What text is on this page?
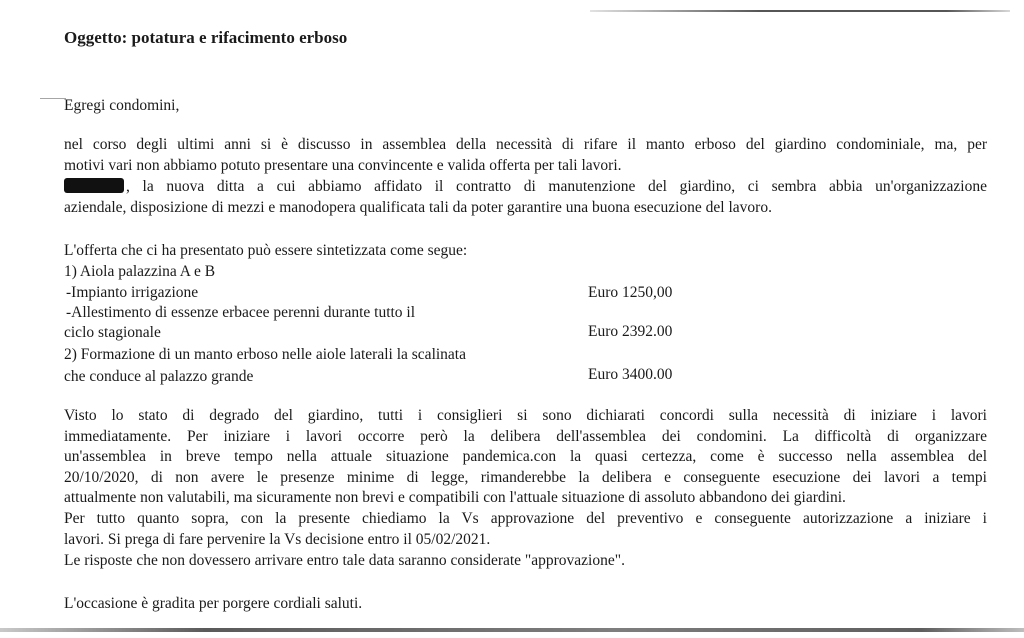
Oggetto: potatura e rifacimento erboso
Egregi condomini,
nel corso degli ultimi anni si è discusso in assemblea della necessità di rifare il manto erboso del giardino condominiale, ma, per
motivi vari non abbiamo potuto presentare una convincente e valida offerta per tali lavori.
, la nuova ditta a cui abbiamo affidato il contratto di manutenzione del giardino, ci sembra abbia un'organizzazione
aziendale, disposizione di mezzi e manodopera qualificata tali da poter garantire una buona esecuzione del lavoro.
L'offerta che ci ha presentato può essere sintetizzata come segue:
1) Aiola palazzina A e B
-Impianto irrigazione	Euro 1250,00
-Allestimento di essenze erbacee perenni durante tutto il
ciclo stagionale	Euro 2392.00
2) Formazione di un manto erboso nelle aiole laterali la scalinata
che conduce al palazzo grande	Euro 3400.00
Visto lo stato di degrado del giardino, tutti i consiglieri si sono dichiarati concordi sulla necessità di iniziare i lavori
immediatamente. Per iniziare i lavori occorre però la delibera dell'assemblea dei condomini. La difficoltà di organizzare
un'assemblea in breve tempo nella attuale situazione pandemica.con la quasi certezza, come è successo nella assemblea del
20/10/2020, di non avere le presenze minime di legge, rimanderebbe la delibera e conseguente esecuzione dei lavori a tempi
attualmente non valutabili, ma sicuramente non brevi e compatibili con l'attuale situazione di assoluto abbandono dei giardini.
Per tutto quanto sopra, con la presente chiediamo la Vs approvazione del preventivo e conseguente autorizzazione a iniziare i
lavori. Si prega di fare pervenire la Vs decisione entro il 05/02/2021.
Le risposte che non dovessero arrivare entro tale data saranno considerate "approvazione".
L'occasione è gradita per porgere cordiali saluti.
